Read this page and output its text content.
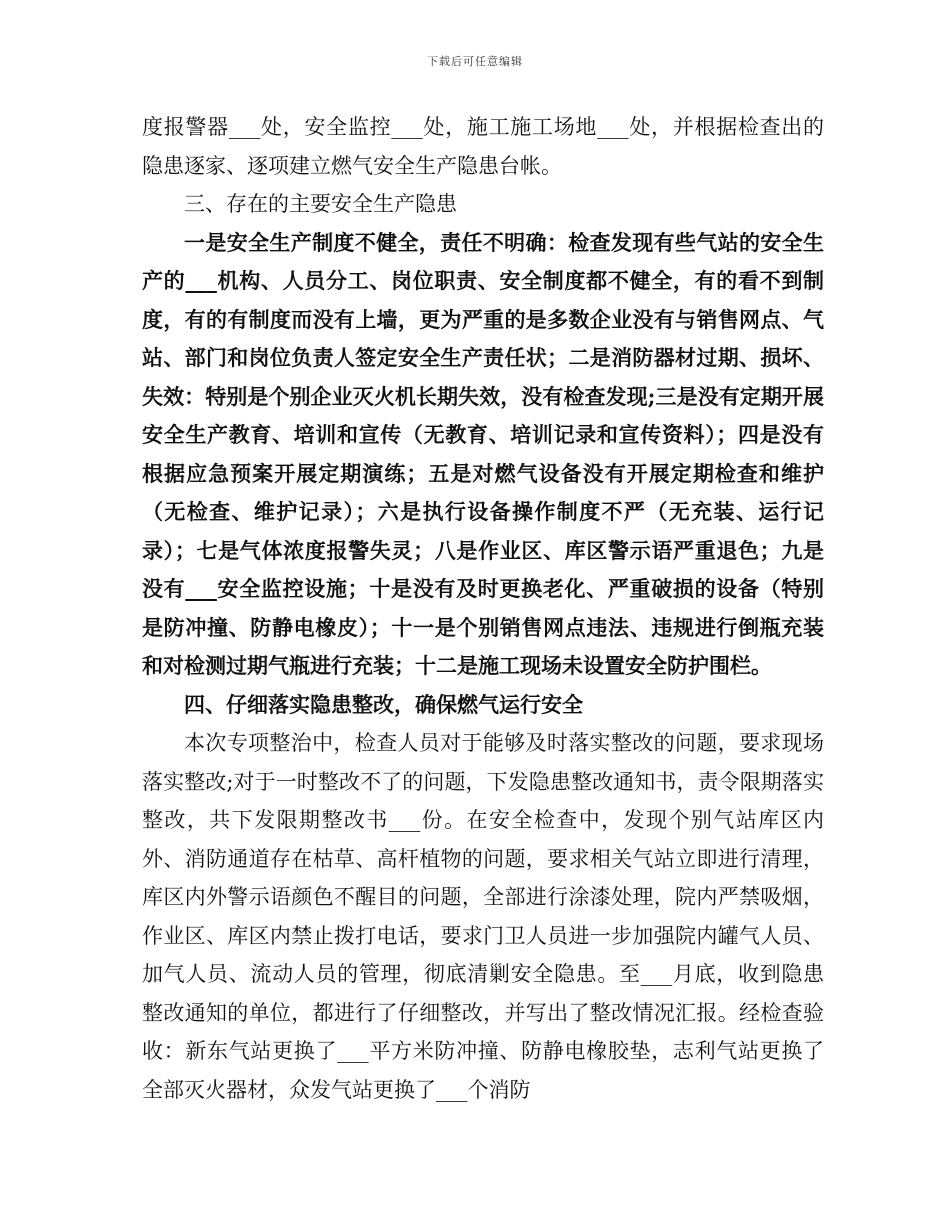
下载后可任意编辑

度报警器___处，安全监控___处，施工施工场地___处，并根据检查出的隐患逐家、逐项建立燃气安全生产隐患台帐。

三、存在的主要安全生产隐患

一是安全生产制度不健全，责任不明确：检查发现有些气站的安全生产的___机构、人员分工、岗位职责、安全制度都不健全，有的看不到制度，有的有制度而没有上墙，更为严重的是多数企业没有与销售网点、气站、部门和岗位负责人签定安全生产责任状；二是消防器材过期、损坏、失效：特别是个别企业灭火机长期失效，没有检查发现;三是没有定期开展安全生产教育、培训和宣传（无教育、培训记录和宣传资料）；四是没有根据应急预案开展定期演练；五是对燃气设备没有开展定期检查和维护（无检查、维护记录）；六是执行设备操作制度不严（无充装、运行记录）；七是气体浓度报警失灵；八是作业区、库区警示语严重退色；九是没有___安全监控设施；十是没有及时更换老化、严重破损的设备（特别是防冲撞、防静电橡皮）；十一是个别销售网点违法、违规进行倒瓶充装和对检测过期气瓶进行充装；十二是施工现场未设置安全防护围栏。

四、仔细落实隐患整改，确保燃气运行安全

本次专项整治中，检查人员对于能够及时落实整改的问题，要求现场落实整改;对于一时整改不了的问题，下发隐患整改通知书，责令限期落实整改，共下发限期整改书___份。在安全检查中，发现个别气站库区内外、消防通道存在枯草、高杆植物的问题，要求相关气站立即进行清理，库区内外警示语颜色不醒目的问题，全部进行涂漆处理，院内严禁吸烟，作业区、库区内禁止拨打电话，要求门卫人员进一步加强院内罐气人员、加气人员、流动人员的管理，彻底清剿安全隐患。至___月底，收到隐患整改通知的单位，都进行了仔细整改，并写出了整改情况汇报。经检查验收：新东气站更换了___平方米防冲撞、防静电橡胶垫，志利气站更换了全部灭火器材，众发气站更换了___个消防
